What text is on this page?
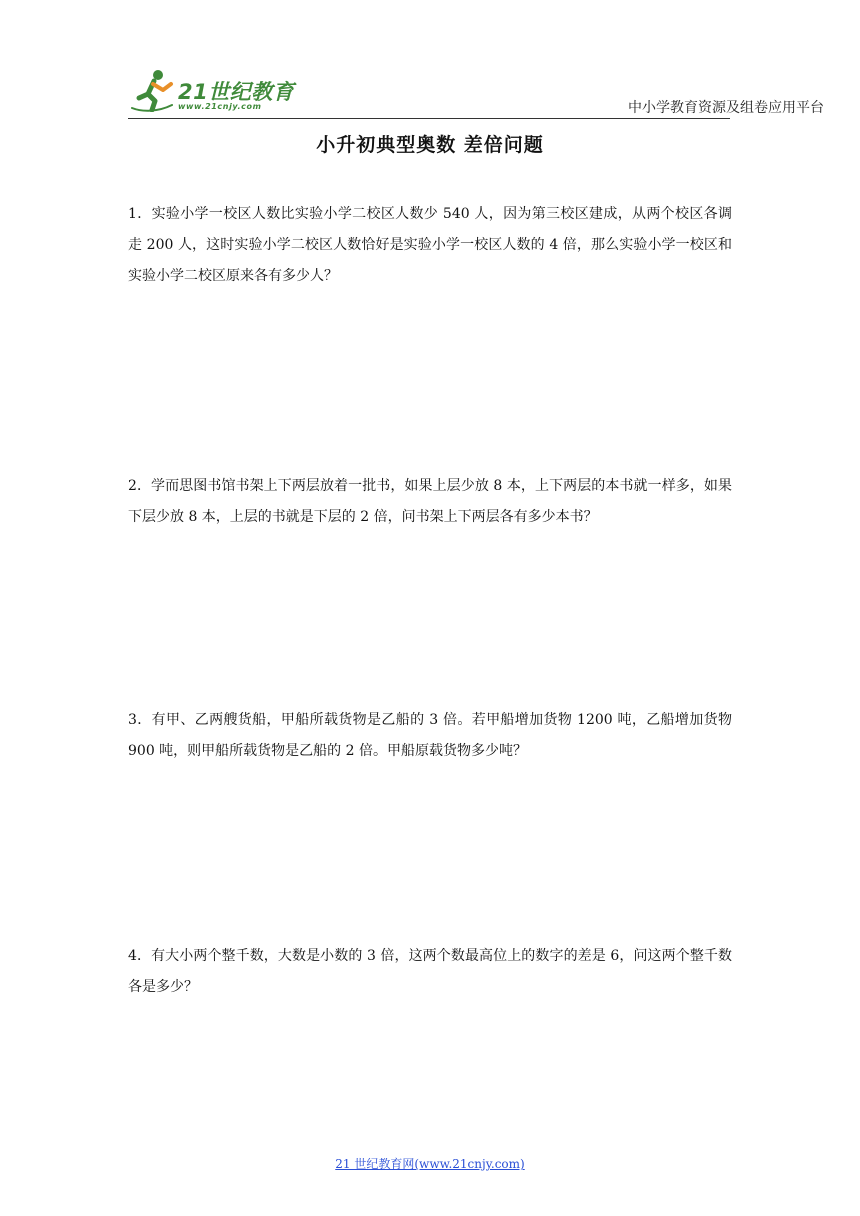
21世纪教育
www.21cnjy.com	中小学教育资源及组卷应用平台
小升初典型奥数 差倍问题
1．实验小学一校区人数比实验小学二校区人数少 540 人，因为第三校区建成，从两个校区各调走 200 人，这时实验小学二校区人数恰好是实验小学一校区人数的 4 倍，那么实验小学一校区和实验小学二校区原来各有多少人？
2．学而思图书馆书架上下两层放着一批书，如果上层少放 8 本，上下两层的本书就一样多，如果下层少放 8 本，上层的书就是下层的 2 倍，问书架上下两层各有多少本书？
3．有甲、乙两艘货船，甲船所载货物是乙船的 3 倍。若甲船增加货物 1200 吨，乙船增加货物 900 吨，则甲船所载货物是乙船的 2 倍。甲船原载货物多少吨？
4．有大小两个整千数，大数是小数的 3 倍，这两个数最高位上的数字的差是 6，问这两个整千数各是多少？
21 世纪教育网(www.21cnjy.com)
